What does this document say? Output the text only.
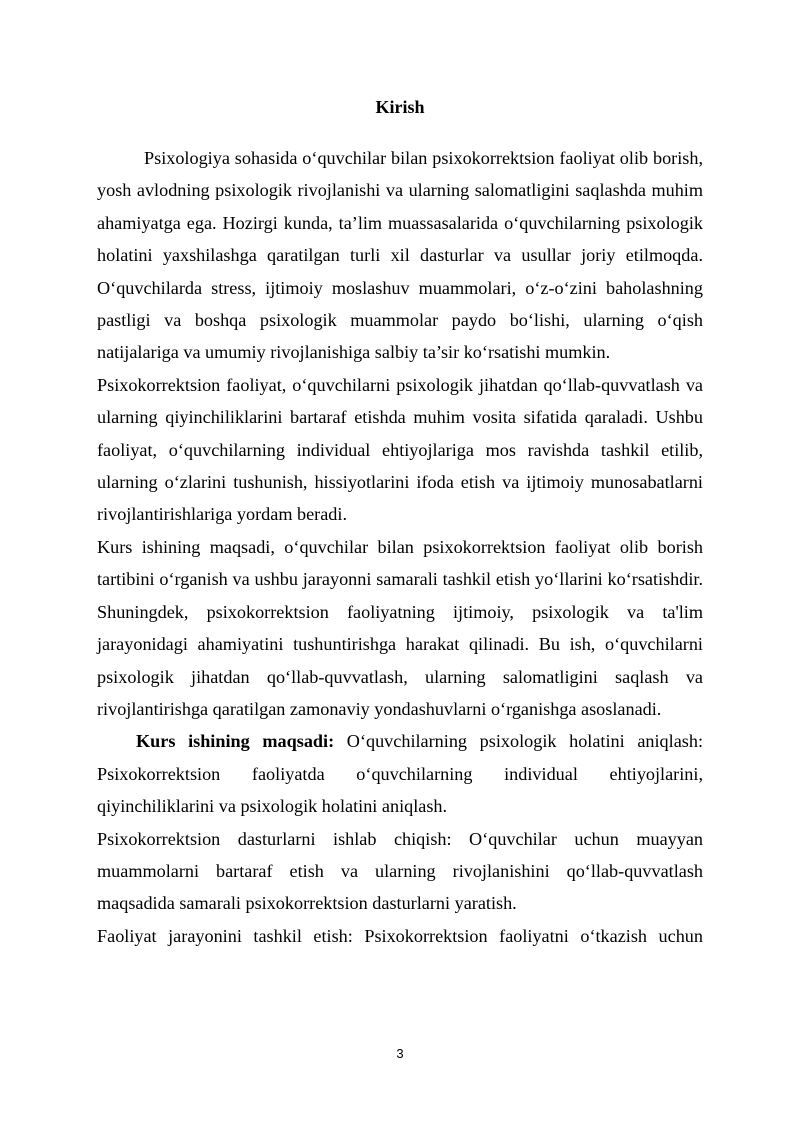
Kirish

Psixologiya sohasida o‘quvchilar bilan psixokorrektsion faoliyat olib borish, yosh avlodning psixologik rivojlanishi va ularning salomatligini saqlashda muhim ahamiyatga ega. Hozirgi kunda, ta’lim muassasalarida o‘quvchilarning psixologik holatini yaxshilashga qaratilgan turli xil dasturlar va usullar joriy etilmoqda. O‘quvchilarda stress, ijtimoiy moslashuv muammolari, o‘z-o‘zini baholashning pastligi va boshqa psixologik muammolar paydo bo‘lishi, ularning o‘qish natijalariga va umumiy rivojlanishiga salbiy ta’sir ko‘rsatishi mumkin.

Psixokorrektsion faoliyat, o‘quvchilarni psixologik jihatdan qo‘llab-quvvatlash va ularning qiyinchiliklarini bartaraf etishda muhim vosita sifatida qaraladi. Ushbu faoliyat, o‘quvchilarning individual ehtiyojlariga mos ravishda tashkil etilib, ularning o‘zlarini tushunish, hissiyotlarini ifoda etish va ijtimoiy munosabatlarni rivojlantirishlariga yordam beradi.

Kurs ishining maqsadi, o‘quvchilar bilan psixokorrektsion faoliyat olib borish tartibini o‘rganish va ushbu jarayonni samarali tashkil etish yo‘llarini ko‘rsatishdir. Shuningdek, psixokorrektsion faoliyatning ijtimoiy, psixologik va ta'lim jarayonidagi ahamiyatini tushuntirishga harakat qilinadi. Bu ish, o‘quvchilarni psixologik jihatdan qo‘llab-quvvatlash, ularning salomatligini saqlash va rivojlantirishga qaratilgan zamonaviy yondashuvlarni o‘rganishga asoslanadi.

Kurs ishining maqsadi: O‘quvchilarning psixologik holatini aniqlash: Psixokorrektsion faoliyatda o‘quvchilarning individual ehtiyojlarini, qiyinchiliklarini va psixologik holatini aniqlash.

Psixokorrektsion dasturlarni ishlab chiqish: O‘quvchilar uchun muayyan muammolarni bartaraf etish va ularning rivojlanishini qo‘llab-quvvatlash maqsadida samarali psixokorrektsion dasturlarni yaratish.

Faoliyat jarayonini tashkil etish: Psixokorrektsion faoliyatni o‘tkazish uchun

3
